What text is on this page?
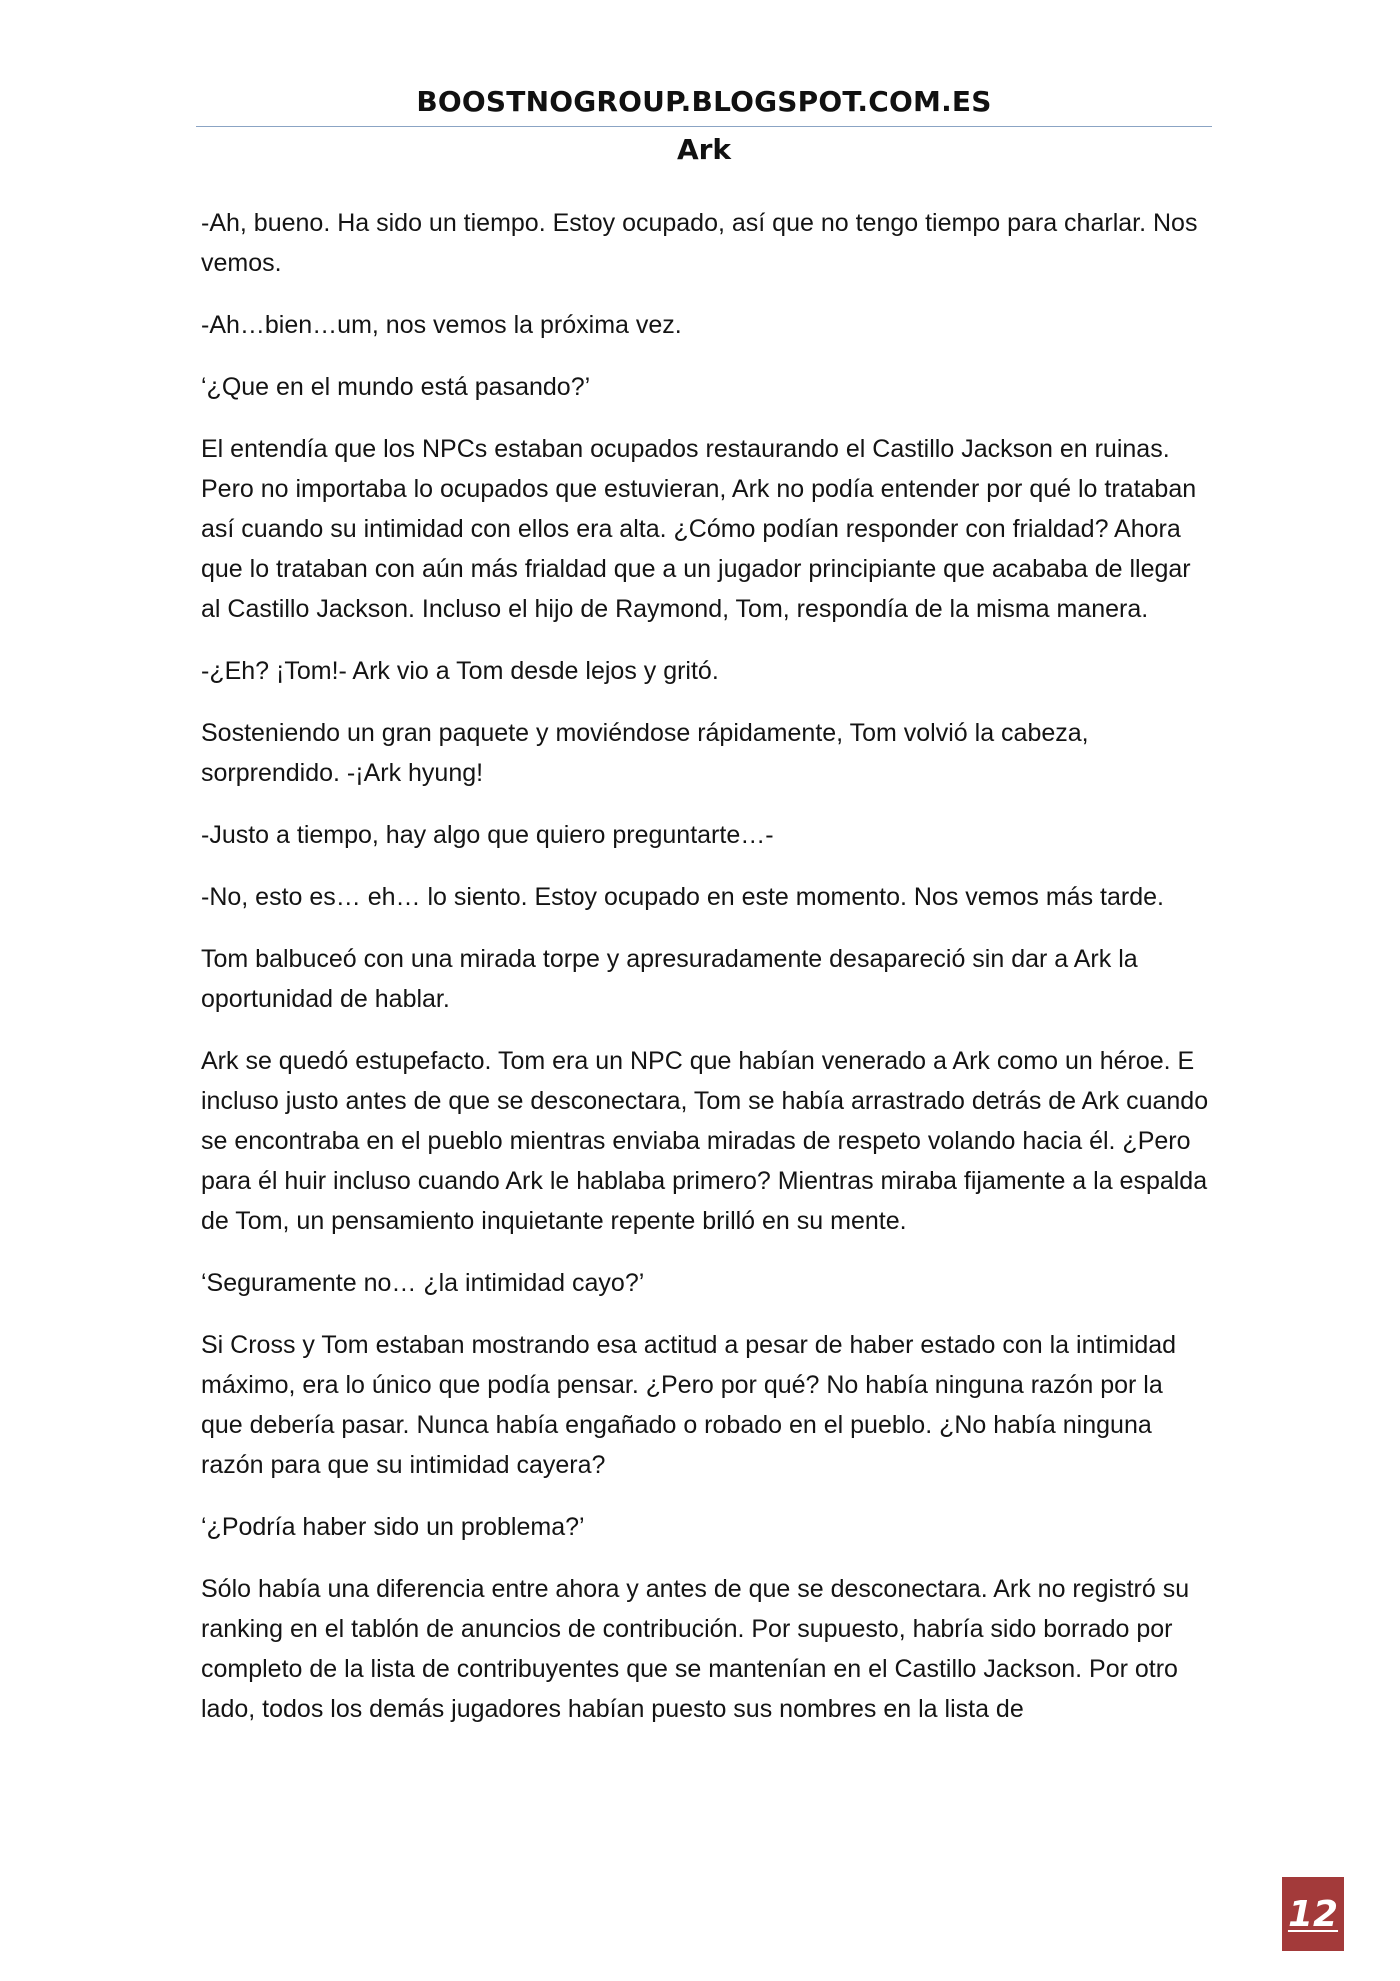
BOOSTNOGROUP.BLOGSPOT.COM.ES
Ark

-Ah, bueno. Ha sido un tiempo. Estoy ocupado, así que no tengo tiempo para charlar. Nos vemos.

-Ah…bien…um, nos vemos la próxima vez.

‘¿Que en el mundo está pasando?’

El entendía que los NPCs estaban ocupados restaurando el Castillo Jackson en ruinas. Pero no importaba lo ocupados que estuvieran, Ark no podía entender por qué lo trataban así cuando su intimidad con ellos era alta. ¿Cómo podían responder con frialdad? Ahora que lo trataban con aún más frialdad que a un jugador principiante que acababa de llegar al Castillo Jackson. Incluso el hijo de Raymond, Tom, respondía de la misma manera.

-¿Eh? ¡Tom!- Ark vio a Tom desde lejos y gritó.

Sosteniendo un gran paquete y moviéndose rápidamente, Tom volvió la cabeza, sorprendido. -¡Ark hyung!

-Justo a tiempo, hay algo que quiero preguntarte…-

-No, esto es… eh… lo siento. Estoy ocupado en este momento. Nos vemos más tarde.

Tom balbuceó con una mirada torpe y apresuradamente desapareció sin dar a Ark la oportunidad de hablar.

Ark se quedó estupefacto. Tom era un NPC que habían venerado a Ark como un héroe. E incluso justo antes de que se desconectara, Tom se había arrastrado detrás de Ark cuando se encontraba en el pueblo mientras enviaba miradas de respeto volando hacia él. ¿Pero para él huir incluso cuando Ark le hablaba primero? Mientras miraba fijamente a la espalda de Tom, un pensamiento inquietante repente brilló en su mente.

‘Seguramente no… ¿la intimidad cayo?’

Si Cross y Tom estaban mostrando esa actitud a pesar de haber estado con la intimidad máximo, era lo único que podía pensar. ¿Pero por qué? No había ninguna razón por la que debería pasar. Nunca había engañado o robado en el pueblo. ¿No había ninguna razón para que su intimidad cayera?

‘¿Podría haber sido un problema?’

Sólo había una diferencia entre ahora y antes de que se desconectara. Ark no registró su ranking en el tablón de anuncios de contribución. Por supuesto, habría sido borrado por completo de la lista de contribuyentes que se mantenían en el Castillo Jackson. Por otro lado, todos los demás jugadores habían puesto sus nombres en la lista de

12
